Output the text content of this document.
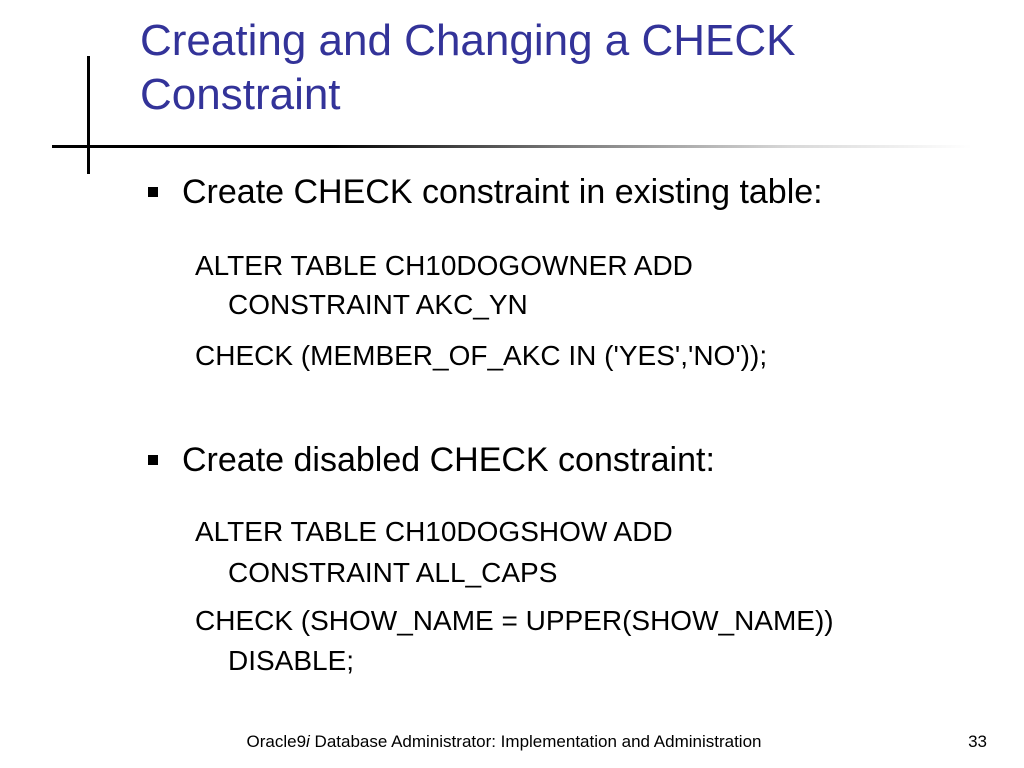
Creating and Changing a CHECK Constraint
Create CHECK constraint in existing table:
ALTER TABLE CH10DOGOWNER ADD
CONSTRAINT AKC_YN
CHECK (MEMBER_OF_AKC IN ('YES','NO'));
Create disabled CHECK constraint:
ALTER TABLE CH10DOGSHOW ADD
CONSTRAINT ALL_CAPS
CHECK (SHOW_NAME = UPPER(SHOW_NAME))
DISABLE;
Oracle9i Database Administrator: Implementation and Administration	33
